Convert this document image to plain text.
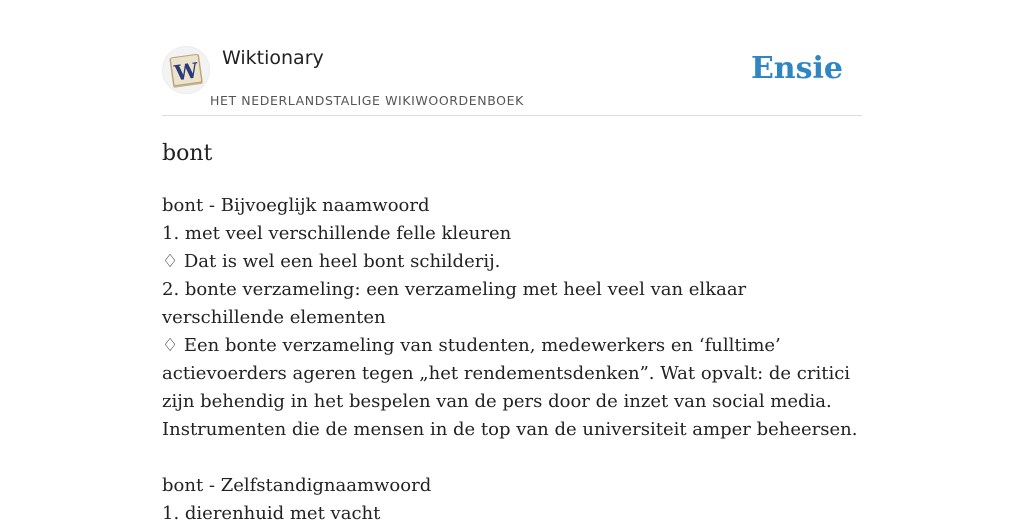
W Wiktionary
HET NEDERLANDSTALIGE WIKIWOORDENBOEK
Ensie
bont

bont - Bijvoeglijk naamwoord

1. met veel verschillende felle kleuren

♢ Dat is wel een heel bont schilderij.

2. bonte verzameling: een verzameling met heel veel van elkaar verschillende elementen

♢ Een bonte verzameling van studenten, medewerkers en ‘fulltime’ actievoerders ageren tegen „het rendementsdenken”. Wat opvalt: de critici zijn behendig in het bespelen van de pers door de inzet van social media. Instrumenten die de mensen in de top van de universiteit amper beheersen.

bont - Zelfstandignaamwoord

1. dierenhuid met vacht
